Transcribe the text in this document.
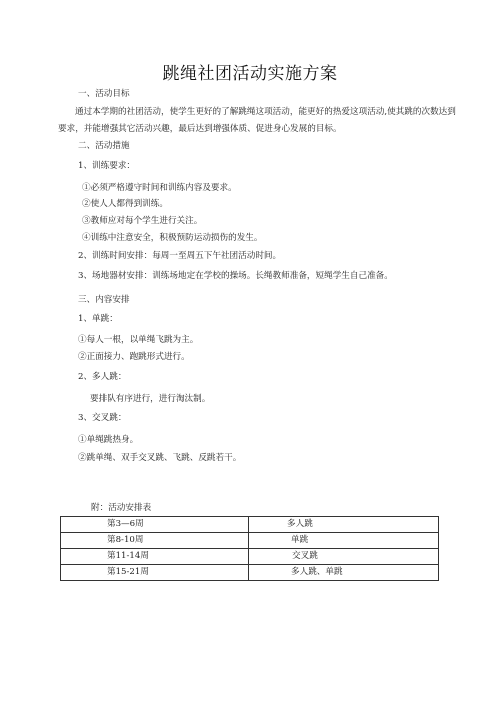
跳绳社团活动实施方案
一、活动目标
通过本学期的社团活动，使学生更好的了解跳绳这项活动，能更好的热爱这项活动,使其跳的次数达到要求，并能增强其它活动兴趣，最后达到增强体质、促进身心发展的目标。
二、活动措施
1、训练要求：
①必须严格遵守时间和训练内容及要求。
②使人人都得到训练。
③教师应对每个学生进行关注。
④训练中注意安全，积极预防运动损伤的发生。
2、训练时间安排：每周一至周五下午社团活动时间。
3、场地器材安排：训练场地定在学校的操场。长绳教师准备，短绳学生自己准备。
三、内容安排
1、单跳：
①每人一根，以单绳飞跳为主。
②正面接力、跑跳形式进行。
2、多人跳：
要排队有序进行，进行淘汰制。
3、交叉跳：
①单绳跳热身。
②跳单绳、双手交叉跳、飞跳、反跳若干。
附：活动安排表
第3—6周	多人跳
第8-10周	单跳
第11-14周	交叉跳
第15-21周	多人跳、单跳
